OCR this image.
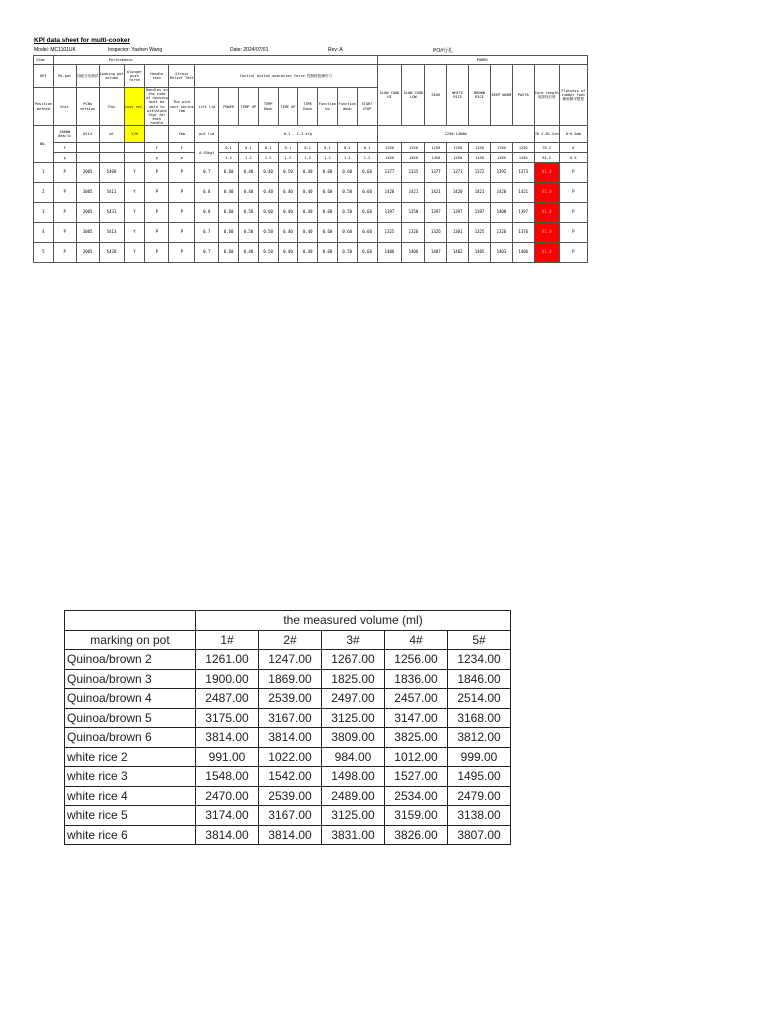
KPI data sheet for multi-cooker
Model: MC1101UK	Inspector: Yashen Wang	Date: 2024/07/01	Rev: A	PO#行扎
Item	Performance															POWER								
KPI	Mi-pot	功能分布测试	Cooking pot volume	plunger push force	Handle test	Strain Relief Test	Control button operation force 控制按钮操作力									SLOW COOK HI	SLOW COOK LOW	SEAR	WHITE RICE	BROWN RICE	KEEP WARM	PASTA	Cord length 电源线长度	Flatness of rubber foot 橡胶脚平整度
Position method	Unit	PCBa version	Pan	just ref.	Handles on the side of housing must be able to withstand 7kgf for each handle	The wire cont shrink 7mm	lift lid	POWER	TEMP UP	TEMP Down	TIME UP	TIME Down	Function Up	Function down	START STOP									
NO.	1800W 8ea/1c	6214	ml	Y/N		7mm	put lid	0.1 - 1.3 kfg								1250~1400W							76.2-81.2cm	0~0.5mm
	F				F	F	0.93kgf	0.1	0.1	0.1	0.1	0.1	0.1	0.1	0.1	1250	1250	1250	1250	1250	1250	1250	76.2	0
	p				p	p		1.2	1.2	1.2	1.2	1.2	1.2	1.2	1.2	1450	1450	1450	1450	1450	1450	1450	81.2	0.5
1	P	3005	5408	Y	P	P	0.7	0.60	0.40	0.40	0.50	0.40	0.60	0.60	0.60	1377	1335	1377	1373	1372	1392	1373	81.0	P
2	P	3005	5411	Y	P	P	0.8	0.40	0.40	0.40	0.40	0.40	0.60	0.50	0.60	1420	1421	1421	1420	1421	1420	1421	81.0	P
3	P	3005	5431	Y	P	P	0.8	0.60	0.50	0.60	0.40	0.40	0.60	0.50	0.60	1397	1350	1397	1397	1397	1408	1397	81.0	P
4	P	3005	5413	Y	P	P	0.7	0.60	0.50	0.50	0.40	0.40	0.60	0.60	0.60	1325	1326	1326	1301	1325	1326	1376	81.0	P
5	P	3005	5428	Y	P	P	0.7	0.60	0.40	0.50	0.40	0.40	0.60	0.50	0.60	1406	1406	1407	1402	1405	1403	1406	81.0	P
	the measured volume (ml)				
marking on pot	1#	2#	3#	4#	5#
Quinoa/brown 2	1261.00	1247.00	1267.00	1256.00	1234.00
Quinoa/brown 3	1900.00	1869.00	1825.00	1836.00	1846.00
Quinoa/brown 4	2487.00	2539.00	2497.00	2457.00	2514.00
Quinoa/brown 5	3175.00	3167.00	3125.00	3147.00	3168.00
Quinoa/brown 6	3814.00	3814.00	3809.00	3825.00	3812.00
white rice 2	991.00	1022.00	984.00	1012.00	999.00
white rice 3	1548.00	1542.00	1498.00	1527.00	1495.00
white rice 4	2470.00	2539.00	2489.00	2534.00	2479.00
white rice 5	3174.00	3167.00	3125.00	3159.00	3138.00
white rice 6	3814.00	3814.00	3831.00	3826.00	3807.00
